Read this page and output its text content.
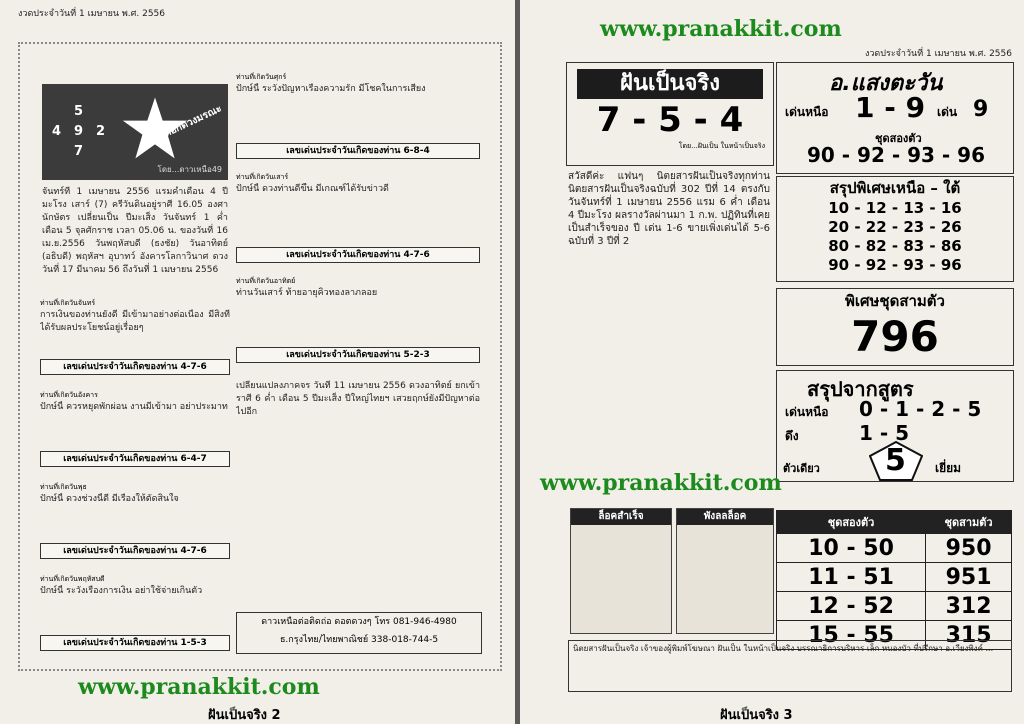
งวดประจำวันที่ 1 เมษายน พ.ศ. 2556
5
4 9 2
7
ดอกดวงมรณะ
โดย...ดาวเหนือ49
จันทร์ที่ 1 เมษายน 2556 แรมค่ำเดือน 4 ปีมะโรง เสาร์ (7) ครีวันดินอยู่ราศี 16.05 องศา นักษัตร เปลี่ยนเป็น ปีมะเส็ง วันจันทร์ 1 ค่ำ เดือน 5 จุลศักราช เวลา 05.06 น. ของวันที่ 16 เม.ย.2556 วันพฤหัสบดี (ธงชัย) วันอาทิตย์ (อธิบดี) พฤหัสฯ อุบาทว์ อังคารโลกาวินาศ ดวงวันที่ 17 มีนาคม 56 ถึงวันที่ 1 เมษายน 2556
ท่านที่เกิดวันจันทร์
การเงินของท่านยังดี มีเข้ามาอย่างต่อเนื่อง มีสิ่งที่ได้รับผลประโยชน์อยู่เรื่อยๆ
เลขเด่นประจำวันเกิดของท่าน 4-7-6
ท่านที่เกิดวันอังคาร
ปักษ์นี้ ควรหยุดพักผ่อน งานมีเข้ามา อย่าประมาท
เลขเด่นประจำวันเกิดของท่าน 6-4-7
ท่านที่เกิดวันพุธ
ปักษ์นี้ ดวงช่วงนี้ดี มีเรื่องให้ตัดสินใจ
เลขเด่นประจำวันเกิดของท่าน 4-7-6
ท่านที่เกิดวันพฤหัสบดี
ปักษ์นี้ ระวังเรื่องการเงิน อย่าใช้จ่ายเกินตัว
เลขเด่นประจำวันเกิดของท่าน 1-5-3
ท่านที่เกิดวันศุกร์
ปักษ์นี้ ระวังปัญหาเรื่องความรัก มีโชคในการเสี่ยง
เลขเด่นประจำวันเกิดของท่าน 6-8-4
ท่านที่เกิดวันเสาร์
ปักษ์นี้ ดวงท่านดีขึ้น มีเกณฑ์ได้รับข่าวดี
เลขเด่นประจำวันเกิดของท่าน 4-7-6
ท่านที่เกิดวันอาทิตย์
ท่านวันเสาร์ ท้ายอายุคิวทองลาภลอย
เลขเด่นประจำวันเกิดของท่าน 5-2-3
เปลี่ยนแปลงภาคจร วันที่ 11 เมษายน 2556 ดวงอาทิตย์ ยกเข้า ราศี 6 ค่ำ เดือน 5 ปีมะเส็ง ปีใหญ่ไทยฯ เสวยฤกษ์ยังมีปัญหาต่อไปอีก
ดาวเหนือต่อติดถ่อ ดอตดวงๆ โทร 081-946-4980
ธ.กรุงไทย/ไทยพาณิชย์ 338-018-744-5
www.pranakkit.com
ฝันเป็นจริง 2
www.pranakkit.com
งวดประจำวันที่ 1 เมษายน พ.ศ. 2556
ฝันเป็นจริง
7 - 5 - 4
โดย...ฝันเป็น ในหน้าเป็นจริง
อ.แสงตะวัน
เด่นหนือ 1 - 9 เด่น 9
ชุดสองตัว
90 - 92 - 93 - 96
สวัสดีค่ะ แฟนๆ นิตยสารฝันเป็นจริงทุกท่าน นิตยสารฝันเป็นจริงฉบับที่ 302 ปีที่ 14 ตรงกับวันจันทร์ที่ 1 เมษายน 2556 แรม 6 ค่ำ เดือน 4 ปีมะโรง ผลรางวัลผ่านมา 1 ก.พ. ปฏิทินที่เคยเป็นสำเร็จของ ปี เด่น 1-6 ขายเพิ่งเด่นได้ 5-6 ฉบับที่ 3 ปีที่ 2
สรุปพิเศษเหนือ – ใต้
10 - 12 - 13 - 16
20 - 22 - 23 - 26
80 - 82 - 83 - 86
90 - 92 - 93 - 96
พิเศษชุดสามตัว
796
สรุปจากสูตร
เด่นหนือ 0 - 1 - 2 - 5
ดึง	1 - 5
ตัวเดียว 5 เยี่ยม
www.pranakkit.com
ล็อคสำเร็จ	พังลลล็อค	ชุดสองตัว	ชุดสามตัว
10 - 50	950
11 - 51	951
12 - 52	312
15 - 55	315
นิตยสารฝันเป็นจริง เจ้าของผู้พิมพ์โฆษณา ฝันเป็น ในหน้าเป็นจริง บรรณาธิการบริหาร เล็ก หนองบัว ที่ปรึกษา อ.เวียงพิงค์ ...
ฝันเป็นจริง 3
